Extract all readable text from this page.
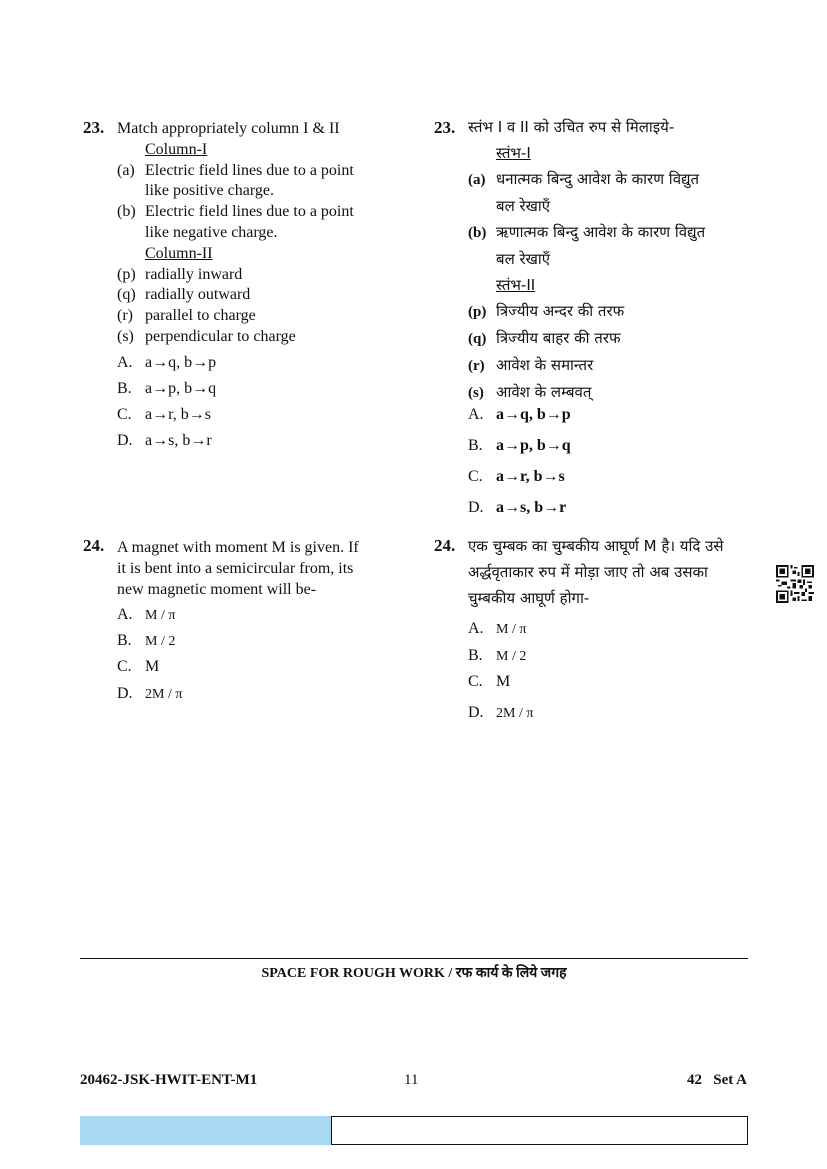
23. Match appropriately column I & II
Column-I
(a) Electric field lines due to a point
like positive charge.
(b) Electric field lines due to a point
like negative charge.
Column-II
(p) radially inward
(q) radially outward
(r) parallel to charge
(s) perpendicular to charge
A. a→q, b→p
B. a→p, b→q
C. a→r, b→s
D. a→s, b→r
23. स्तंभ I व II को उचित रुप से मिलाइये-
स्तंभ-I
(a) धनात्मक बिन्दु आवेश के कारण विद्युत
बल रेखाएँ
(b) ऋणात्मक बिन्दु आवेश के कारण विद्युत
बल रेखाएँ
स्तंभ-II
(p) त्रिज्यीय अन्दर की तरफ
(q) त्रिज्यीय बाहर की तरफ
(r) आवेश के समान्तर
(s) आवेश के लम्बवत्
A. a→q, b→p
B. a→p, b→q
C. a→r, b→s
D. a→s, b→r
24. A magnet with moment M is given. If
it is bent into a semicircular from, its
new magnetic moment will be-
A. M / π
B. M / 2
C. M
D. 2M / π
24. एक चुम्बक का चुम्बकीय आघूर्ण M है। यदि उसे
अर्द्धवृताकार रुप में मोड़ा जाए तो अब उसका
चुम्बकीय आघूर्ण होगा-
A. M / π
B. M / 2
C. M
D. 2M / π
SPACE FOR ROUGH WORK / रफ कार्य के लिये जगह
20462-JSK-HWIT-ENT-M1	11	42   Set A
